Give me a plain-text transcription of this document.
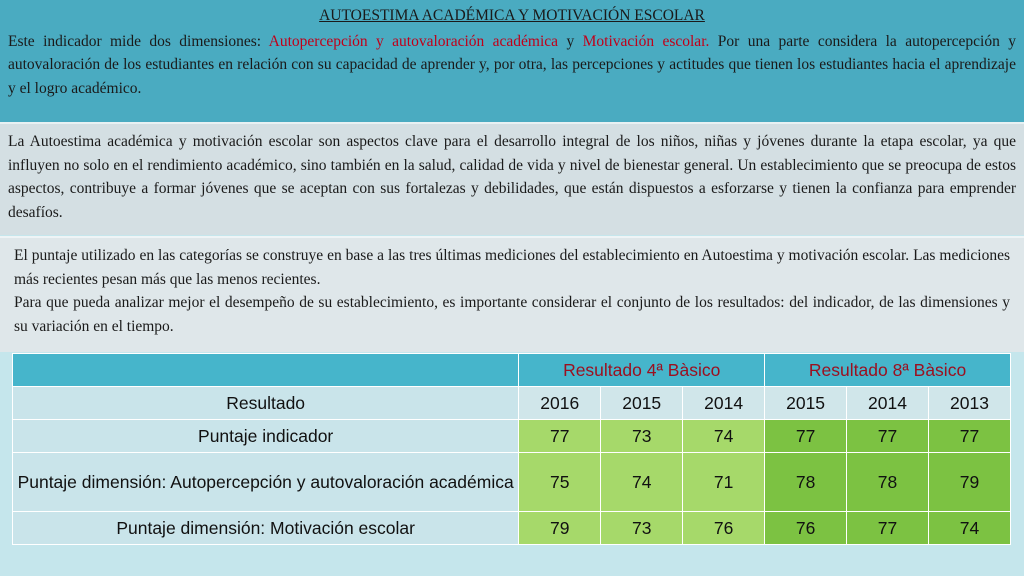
AUTOESTIMA ACADÉMICA Y MOTIVACIÓN ESCOLAR

Este indicador mide dos dimensiones: Autopercepción y autovaloración académica y Motivación escolar. Por una parte considera la autopercepción y autovaloración de los estudiantes en relación con su capacidad de aprender y, por otra, las percepciones y actitudes que tienen los estudiantes hacia el aprendizaje y el logro académico.

La Autoestima académica y motivación escolar son aspectos clave para el desarrollo integral de los niños, niñas y jóvenes durante la etapa escolar, ya que influyen no solo en el rendimiento académico, sino también en la salud, calidad de vida y nivel de bienestar general. Un establecimiento que se preocupa de estos aspectos, contribuye a formar jóvenes que se aceptan con sus fortalezas y debilidades, que están dispuestos a esforzarse y tienen la confianza para emprender desafíos.

El puntaje utilizado en las categorías se construye en base a las tres últimas mediciones del establecimiento en Autoestima y motivación escolar. Las mediciones más recientes pesan más que las menos recientes.

Para que pueda analizar mejor el desempeño de su establecimiento, es importante considerar el conjunto de los resultados: del indicador, de las dimensiones y su variación en el tiempo.

	Resultado 4ª Bàsico			Resultado 8ª Bàsico		
Resultado	2016	2015	2014	2015	2014	2013
Puntaje indicador	77	73	74	77	77	77
Puntaje dimensión: Autopercepción y autovaloración académica	75	74	71	78	78	79
Puntaje dimensión: Motivación escolar	79	73	76	76	77	74
